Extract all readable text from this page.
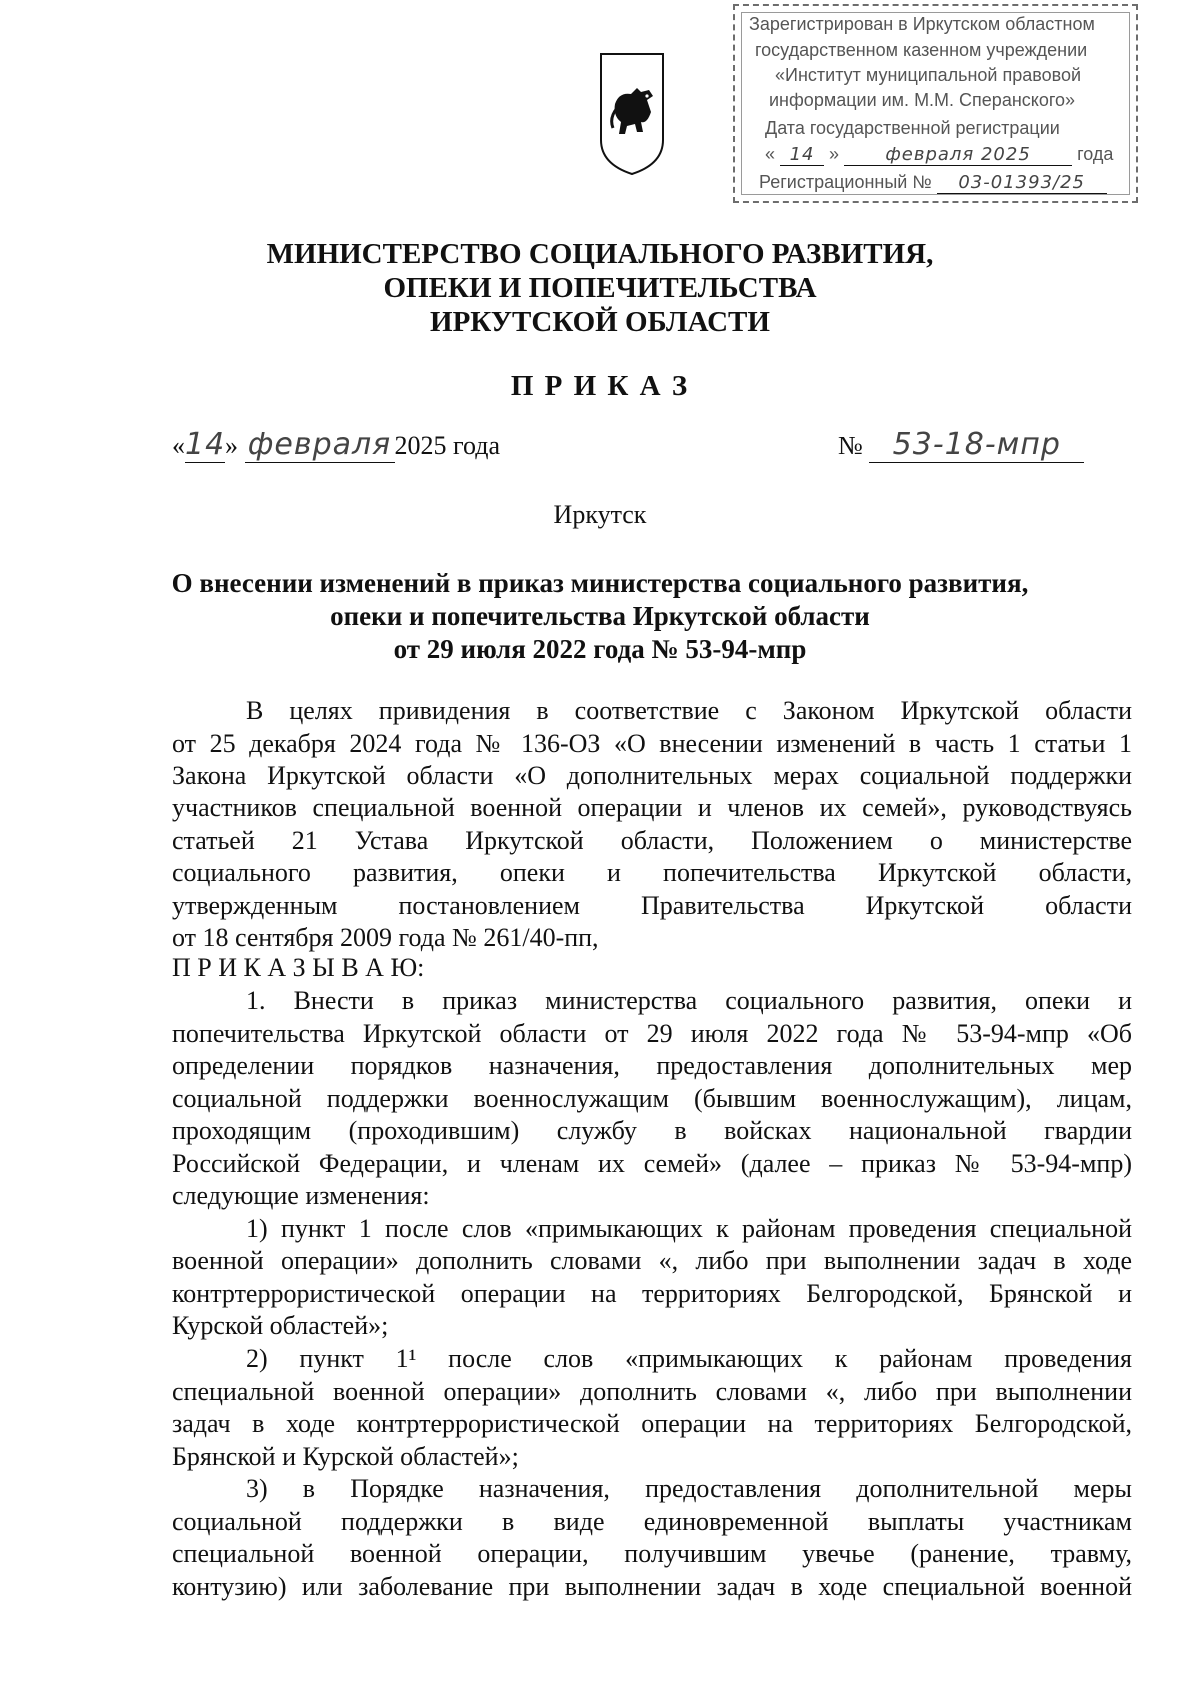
Зарегистрирован в Иркутском областном
государственном казенном учреждении
«Институт муниципальной правовой
информации им. М.М. Сперанского»
Дата государственной регистрации
« 14 »	февраля 2025	года
Регистрационный № 03-01393/25
МИНИСТЕРСТВО СОЦИАЛЬНОГО РАЗВИТИЯ,
ОПЕКИ И ПОПЕЧИТЕЛЬСТВА
ИРКУТСКОЙ ОБЛАСТИ
П Р И К А З
«14» февраля 2025 года	№ 53-18-мпр
Иркутск
О внесении изменений в приказ министерства социального развития,
опеки и попечительства Иркутской области
от 29 июля 2022 года № 53-94-мпр
В целях привидения в соответствие с Законом Иркутской области
от 25 декабря 2024 года № 136-ОЗ «О внесении изменений в часть 1 статьи 1
Закона Иркутской области «О дополнительных мерах социальной поддержки
участников специальной военной операции и членов их семей», руководствуясь
статьей 21 Устава Иркутской области, Положением о министерстве
социального развития, опеки и попечительства Иркутской области,
утвержденным постановлением Правительства Иркутской области
от 18 сентября 2009 года № 261/40-пп,
П Р И К А З Ы В А Ю:
1. Внести в приказ министерства социального развития, опеки и
попечительства Иркутской области от 29 июля 2022 года № 53-94-мпр «Об
определении порядков назначения, предоставления дополнительных мер
социальной поддержки военнослужащим (бывшим военнослужащим), лицам,
проходящим (проходившим) службу в войсках национальной гвардии
Российской Федерации, и членам их семей» (далее – приказ № 53-94-мпр)
следующие изменения:
1) пункт 1 после слов «примыкающих к районам проведения специальной
военной операции» дополнить словами «, либо при выполнении задач в ходе
контртеррористической операции на территориях Белгородской, Брянской и
Курской областей»;
2) пункт 1¹ после слов «примыкающих к районам проведения
специальной военной операции» дополнить словами «, либо при выполнении
задач в ходе контртеррористической операции на территориях Белгородской,
Брянской и Курской областей»;
3) в Порядке назначения, предоставления дополнительной меры
социальной поддержки в виде единовременной выплаты участникам
специальной военной операции, получившим увечье (ранение, травму,
контузию) или заболевание при выполнении задач в ходе специальной военной
